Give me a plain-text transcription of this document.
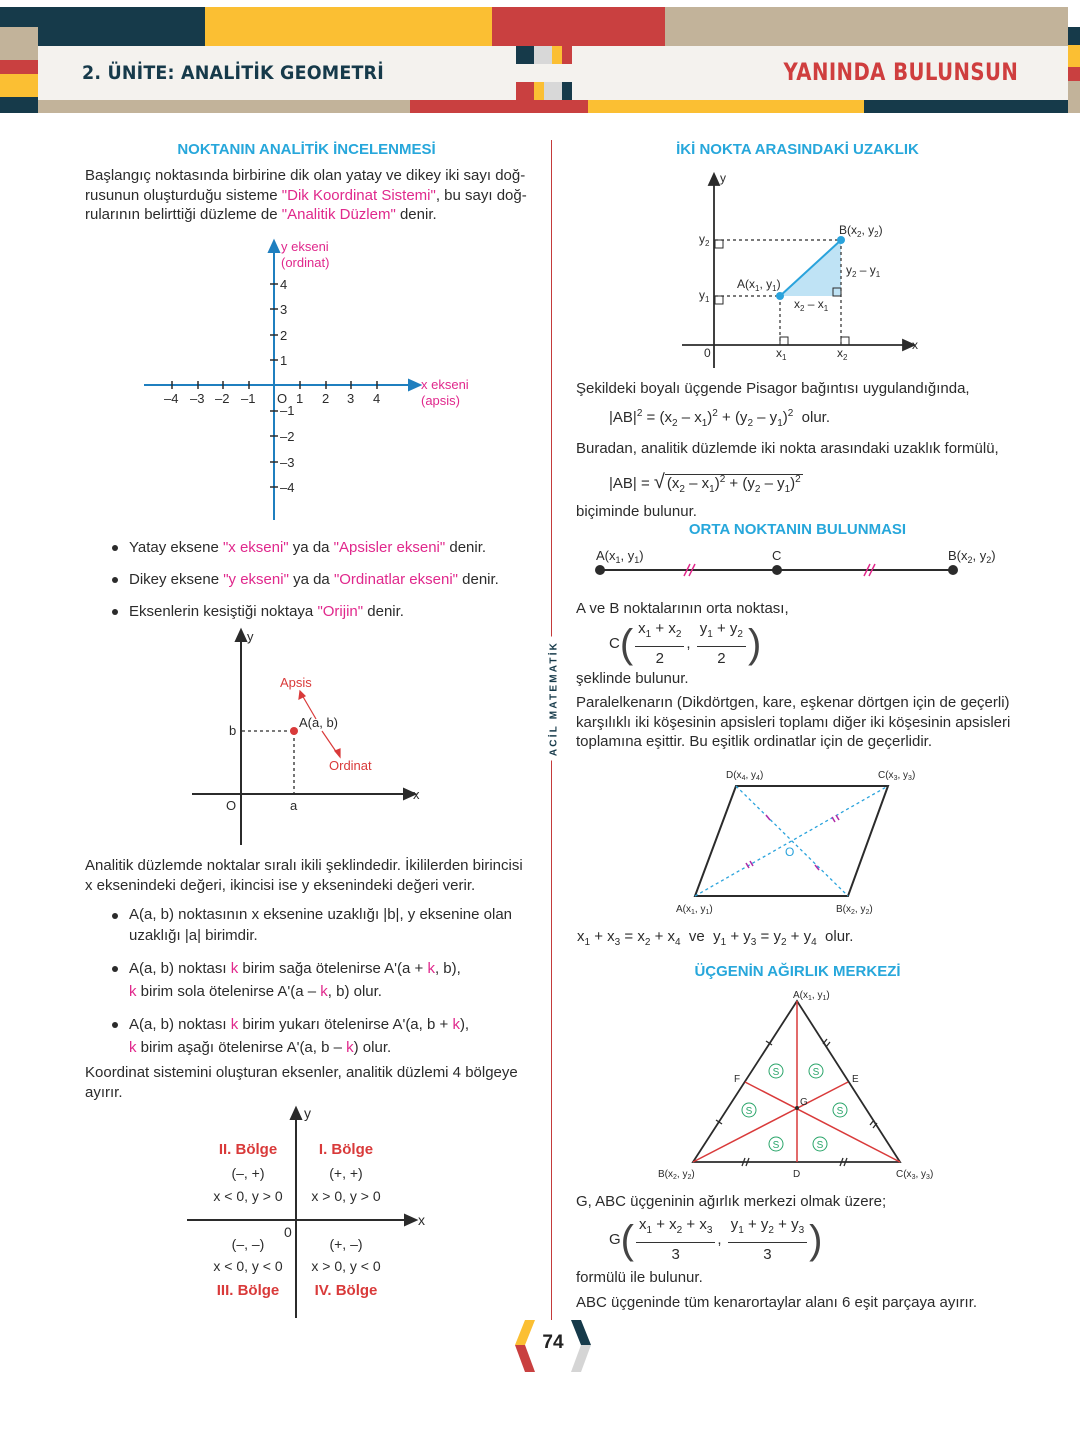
2. ÜNİTE: ANALİTİK GEOMETRİ	YANINDA BULUNSUN
NOKTANIN ANALİTİK İNCELENMESİ
Başlangıç noktasında birbirine dik olan yatay ve dikey iki sayı doğ-
rusunun oluşturduğu sisteme "Dik Koordinat Sistemi", bu sayı doğ-
rularının belirttiği düzleme de "Analitik Düzlem" denir.
–4 –3 –2 –1 O 1 2 3 4
4
3
2
1
–1
–2
–3
–4
y ekseni
(ordinat)
x ekseni
(apsis)
Yatay eksene "x ekseni" ya da "Apsisler ekseni" denir.
Dikey eksene "y ekseni" ya da "Ordinatlar ekseni" denir.
Eksenlerin kesiştiği noktaya "Orijin" denir.
y
x
O	a
b
A(a, b)
Apsis
Ordinat
Analitik düzlemde noktalar sıralı ikili şeklindedir. İkililerden birincisi
x eksenindeki değeri, ikincisi ise y eksenindeki değeri verir.
A(a, b) noktasının x eksenine uzaklığı |b|, y eksenine olan
uzaklığı |a| birimdir.
A(a, b) noktası k birim sağa ötelenirse A'(a + k, b),
k birim sola ötelenirse A'(a – k, b) olur.
A(a, b) noktası k birim yukarı ötelenirse A'(a, b + k),
k birim aşağı ötelenirse A'(a, b – k) olur.
Koordinat sistemini oluşturan eksenler, analitik düzlemi 4 bölgeye
ayırır.
y
x
0
II. Bölge	I. Bölge
III. Bölge IV. Bölge
(–, +)	(+, +)
x < 0, y > 0 x > 0, y > 0
(–, –)	(+, –)
x < 0, y < 0 x > 0, y < 0
ACİL MATEMATİK
İKİ NOKTA ARASINDAKİ UZAKLIK
y
x
0
$y_2$
$y_1$
$x_1$	$x_2$
$A(x_1$, $y_1$)
$B(x_2$, $y_2$)
$y_2 - y_1$
$x_2 - x_1$
Şekildeki boyalı üçgende Pisagor bağıntısı uygulandığında,
$|AB|^2 = (x_2 - x_1)^2 + (y_2 - y_1)^2$ olur.
Buradan, analitik düzlemde iki nokta arasındaki uzaklık formülü,
|AB| = √ $(x_2 - x_1)^2 + (y_2 - y_1)^2$
biçiminde bulunur.
ORTA NOKTANIN BULUNMASI
$A(x_1$, $y_1$)	C	$B(x_2$, $y_2$)
A ve B noktalarının orta noktası,
C ( $\frac{x_1 + x_2}{2}$ , $\frac{y_1 + y_2}{2}$ )
şeklinde bulunur.
Paralelkenarın (Dikdörtgen, kare, eşkenar dörtgen için de geçerli)
karşılıklı iki köşesinin apsisleri toplamı diğer iki köşesinin apsisleri
toplamına eşittir. Bu eşitlik ordinatlar için de geçerlidir.
$D(x_4$, $y_4$)	$C(x_3$, $y_3$)
$A(x_1$, $y_1$)	$B(x_2$, $y_2$)
O
$x_1 + x_3 = x_2 + x_4$ ve  $y_1 + y_3 = y_2 + y_4$ olur.
ÜÇGENİN AĞIRLIK MERKEZİ
S	S
S	S
S	S
$A(x_1$, $y_1$)
$B(x_2$, $y_2$)	$C(x_3$, $y_3$)
D
E
F
G
G, ABC üçgeninin ağırlık merkezi olmak üzere;
G ( $\frac{x_1 + x_2 + x_3}{3}$ , $\frac{y_1 + y_2 + y_3}{3}$ )
formülü ile bulunur.
ABC üçgeninde tüm kenarortaylar alanı 6 eşit parçaya ayırır.
74
